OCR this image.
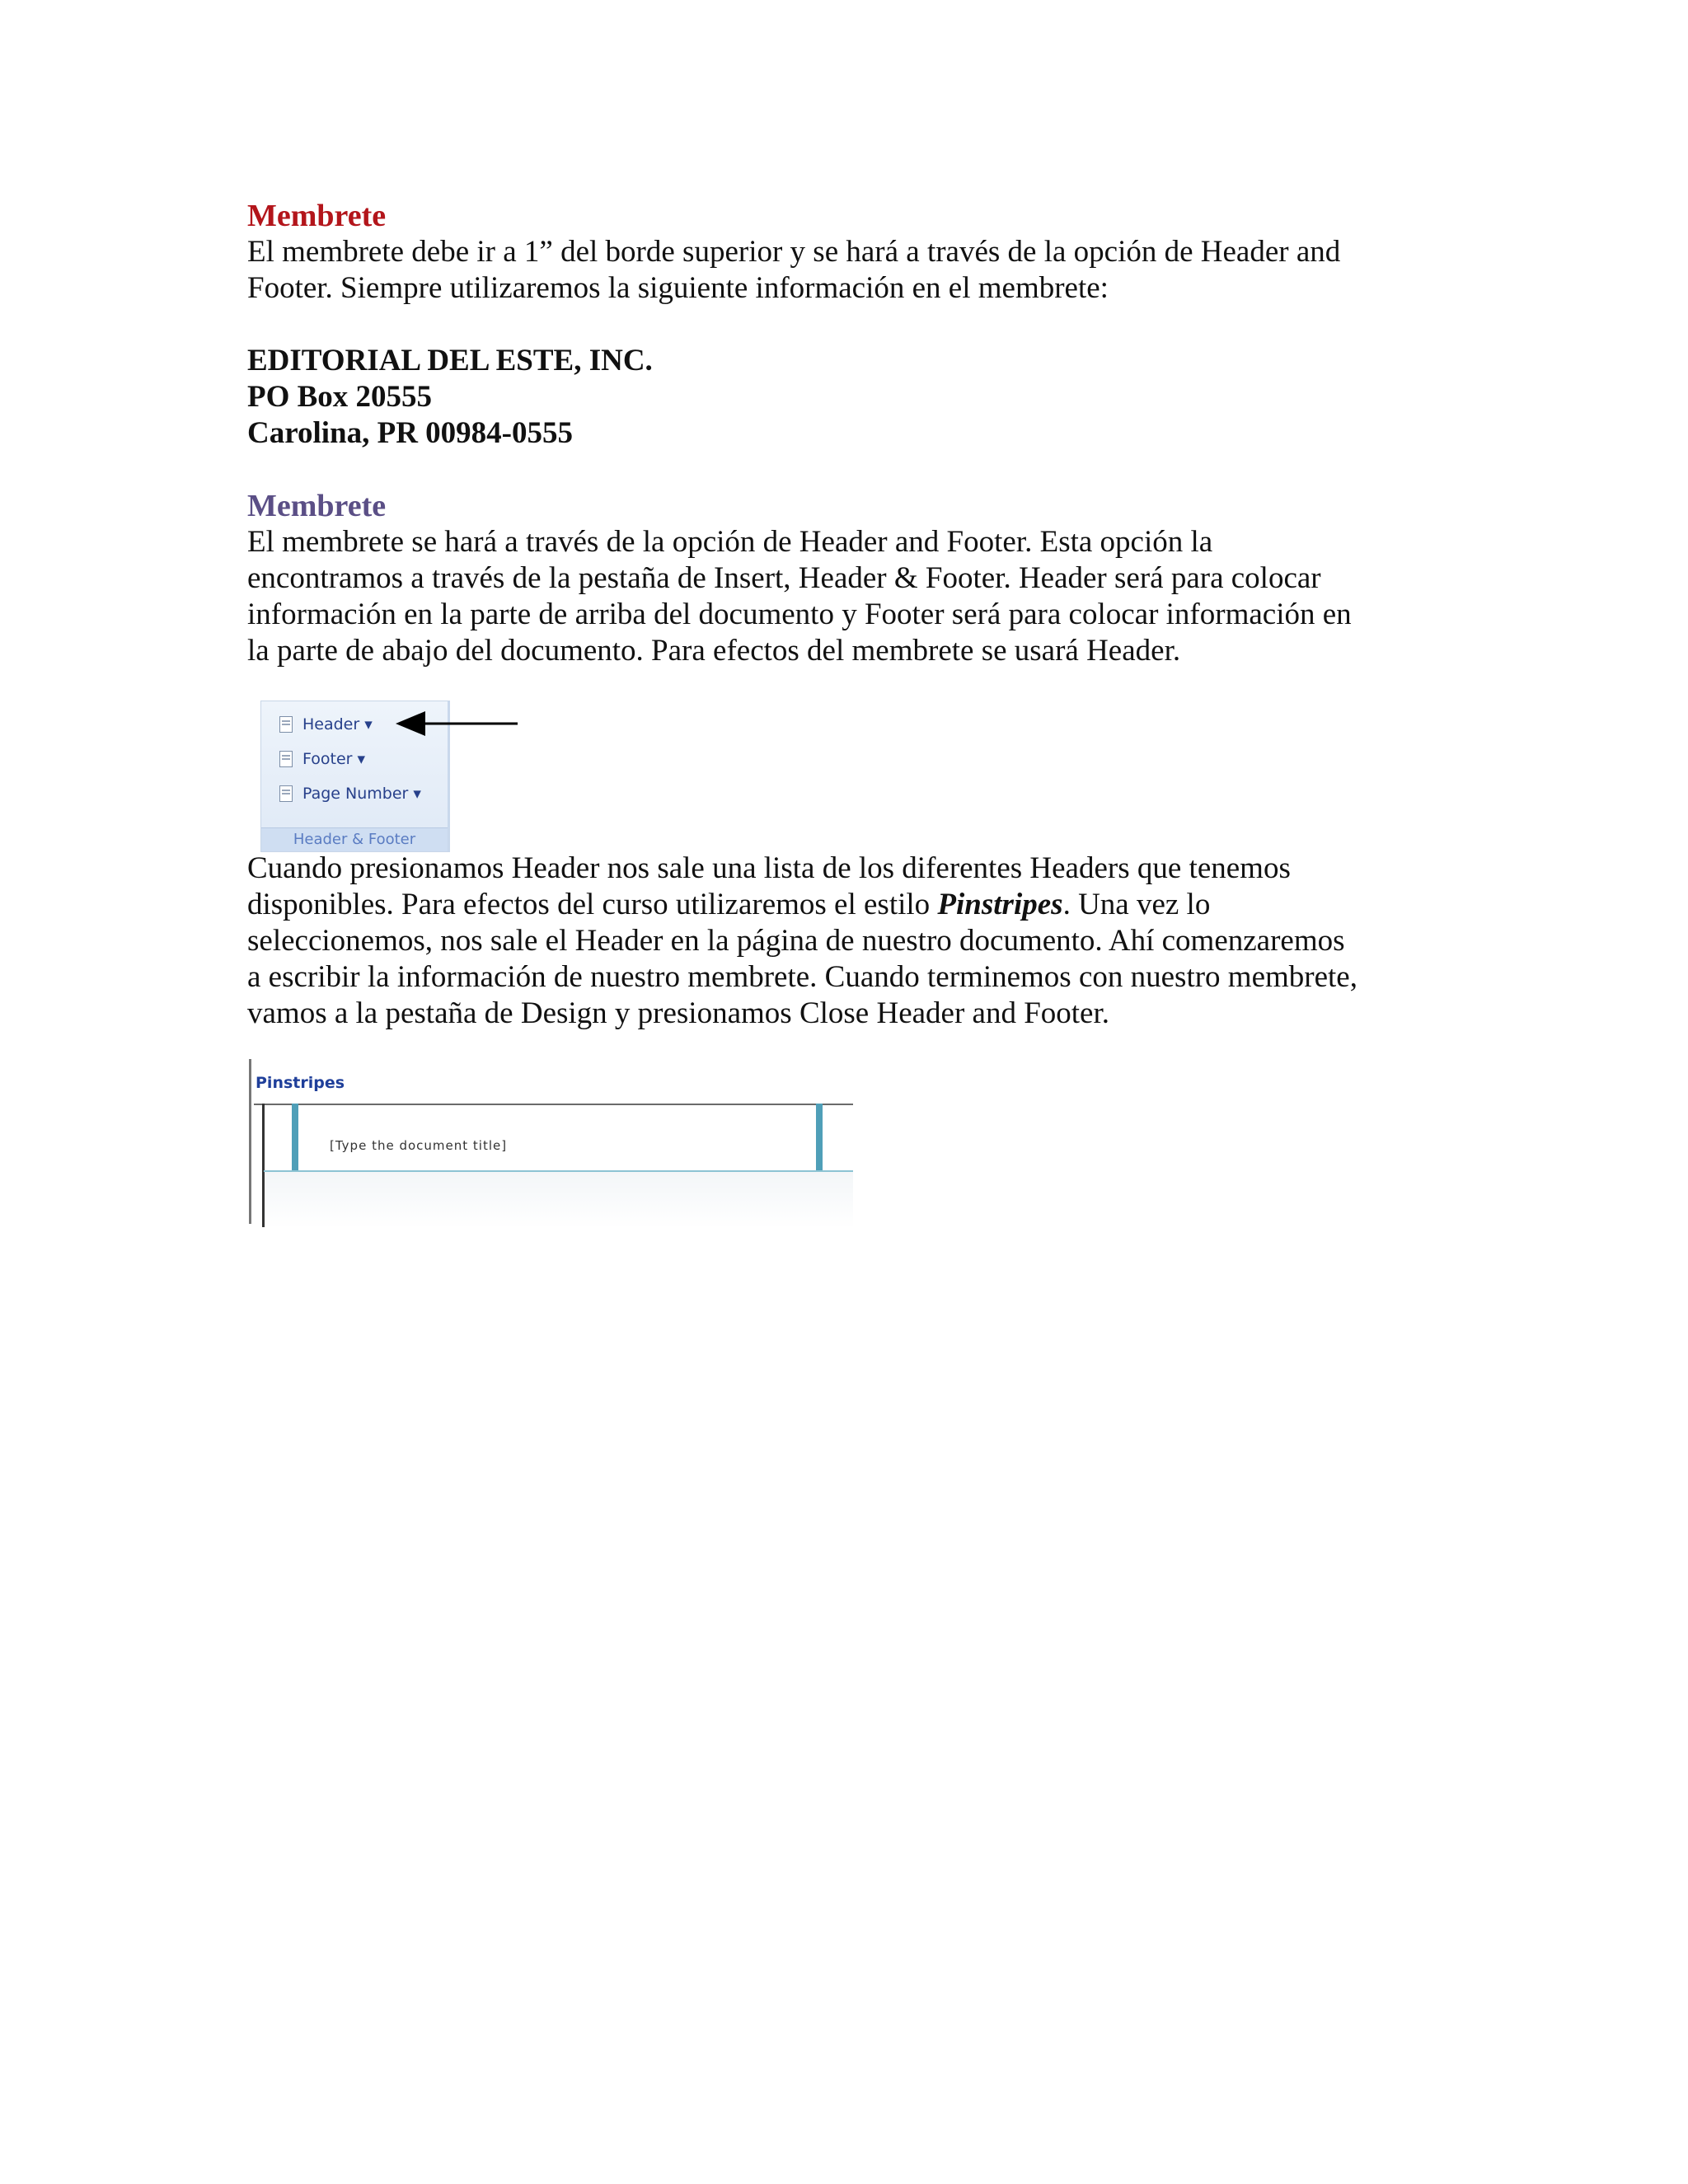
Membrete

El membrete debe ir a 1” del borde superior y se hará a través de la opción de Header and

Footer. Siempre utilizaremos la siguiente información en el membrete:

EDITORIAL DEL ESTE, INC.

PO Box 20555

Carolina, PR 00984-0555

Membrete

El membrete se hará a través de la opción de Header and Footer. Esta opción la

encontramos a través de la pestaña de Insert, Header & Footer. Header será para colocar

información en la parte de arriba del documento y Footer será para colocar información en

la parte de abajo del documento. Para efectos del membrete se usará Header.

Header ▾
Footer ▾
Page Number ▾
Header & Footer

Cuando presionamos Header nos sale una lista de los diferentes Headers que tenemos

disponibles. Para efectos del curso utilizaremos el estilo Pinstripes. Una vez lo

seleccionemos, nos sale el Header en la página de nuestro documento. Ahí comenzaremos

a escribir la información de nuestro membrete. Cuando terminemos con nuestro membrete,

vamos a la pestaña de Design y presionamos Close Header and Footer.

Pinstripes
[Type the document title]
